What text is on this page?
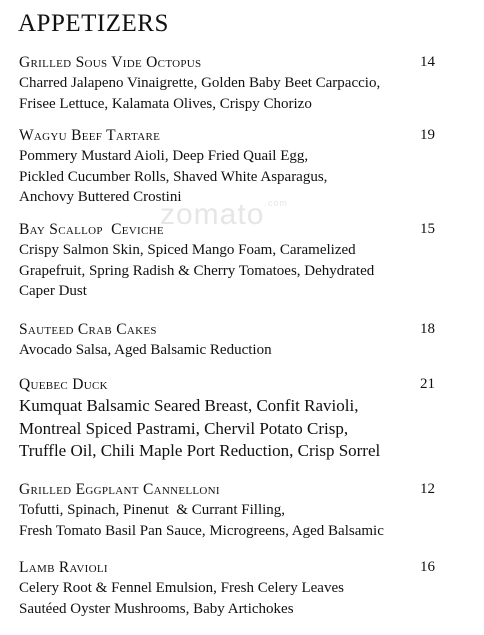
zomato$^{.com}$
APPETIZERS
Grilled Sous Vide Octopus	14
Charred Jalapeno Vinaigrette, Golden Baby Beet Carpaccio,
Frisee Lettuce, Kalamata Olives, Crispy Chorizo
Wagyu Beef Tartare	19
Pommery Mustard Aioli, Deep Fried Quail Egg,
Pickled Cucumber Rolls, Shaved White Asparagus,
Anchovy Buttered Crostini
Bay Scallop  Ceviche	15
Crispy Salmon Skin, Spiced Mango Foam, Caramelized
Grapefruit, Spring Radish & Cherry Tomatoes, Dehydrated
Caper Dust
Sauteed Crab Cakes	18
Avocado Salsa, Aged Balsamic Reduction
Quebec Duck	21
Kumquat Balsamic Seared Breast, Confit Ravioli,
Montreal Spiced Pastrami, Chervil Potato Crisp,
Truffle Oil, Chili Maple Port Reduction, Crisp Sorrel
Grilled Eggplant Cannelloni	12
Tofutti, Spinach, Pinenut  & Currant Filling,
Fresh Tomato Basil Pan Sauce, Microgreens, Aged Balsamic
Lamb Ravioli	16
Celery Root & Fennel Emulsion, Fresh Celery Leaves
Sautéed Oyster Mushrooms, Baby Artichokes
